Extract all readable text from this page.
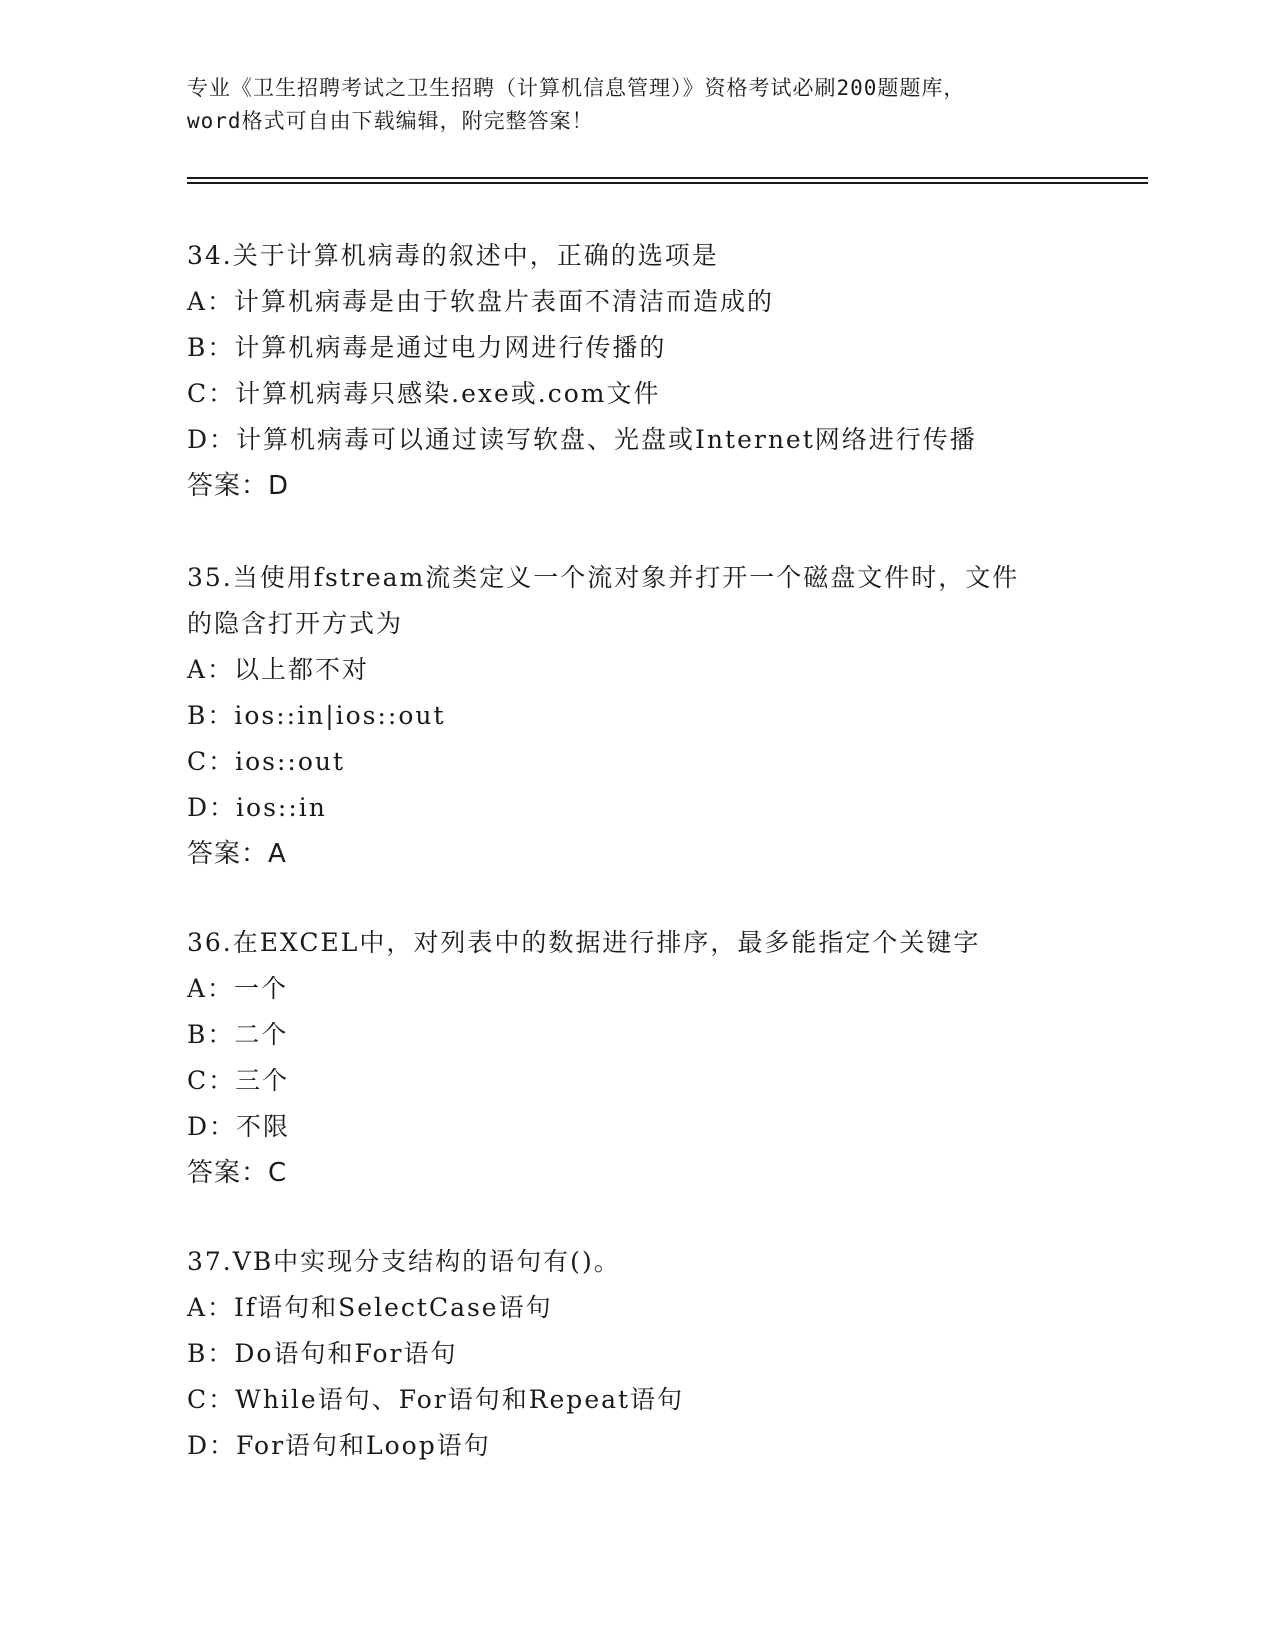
专业《卫生招聘考试之卫生招聘（计算机信息管理）》资格考试必刷200题题库，
word格式可自由下载编辑，附完整答案！
34.关于计算机病毒的叙述中，正确的选项是
A：计算机病毒是由于软盘片表面不清洁而造成的
B：计算机病毒是通过电力网进行传播的
C：计算机病毒只感染.exe或.com文件
D：计算机病毒可以通过读写软盘、光盘或Internet网络进行传播
答案：D
35.当使用fstream流类定义一个流对象并打开一个磁盘文件时，文件
的隐含打开方式为
A：以上都不对
B：ios::in|ios::out
C：ios::out
D：ios::in
答案：A
36.在EXCEL中，对列表中的数据进行排序，最多能指定个关键字
A：一个
B：二个
C：三个
D：不限
答案：C
37.VB中实现分支结构的语句有()。
A：If语句和SelectCase语句
B：Do语句和For语句
C：While语句、For语句和Repeat语句
D：For语句和Loop语句
